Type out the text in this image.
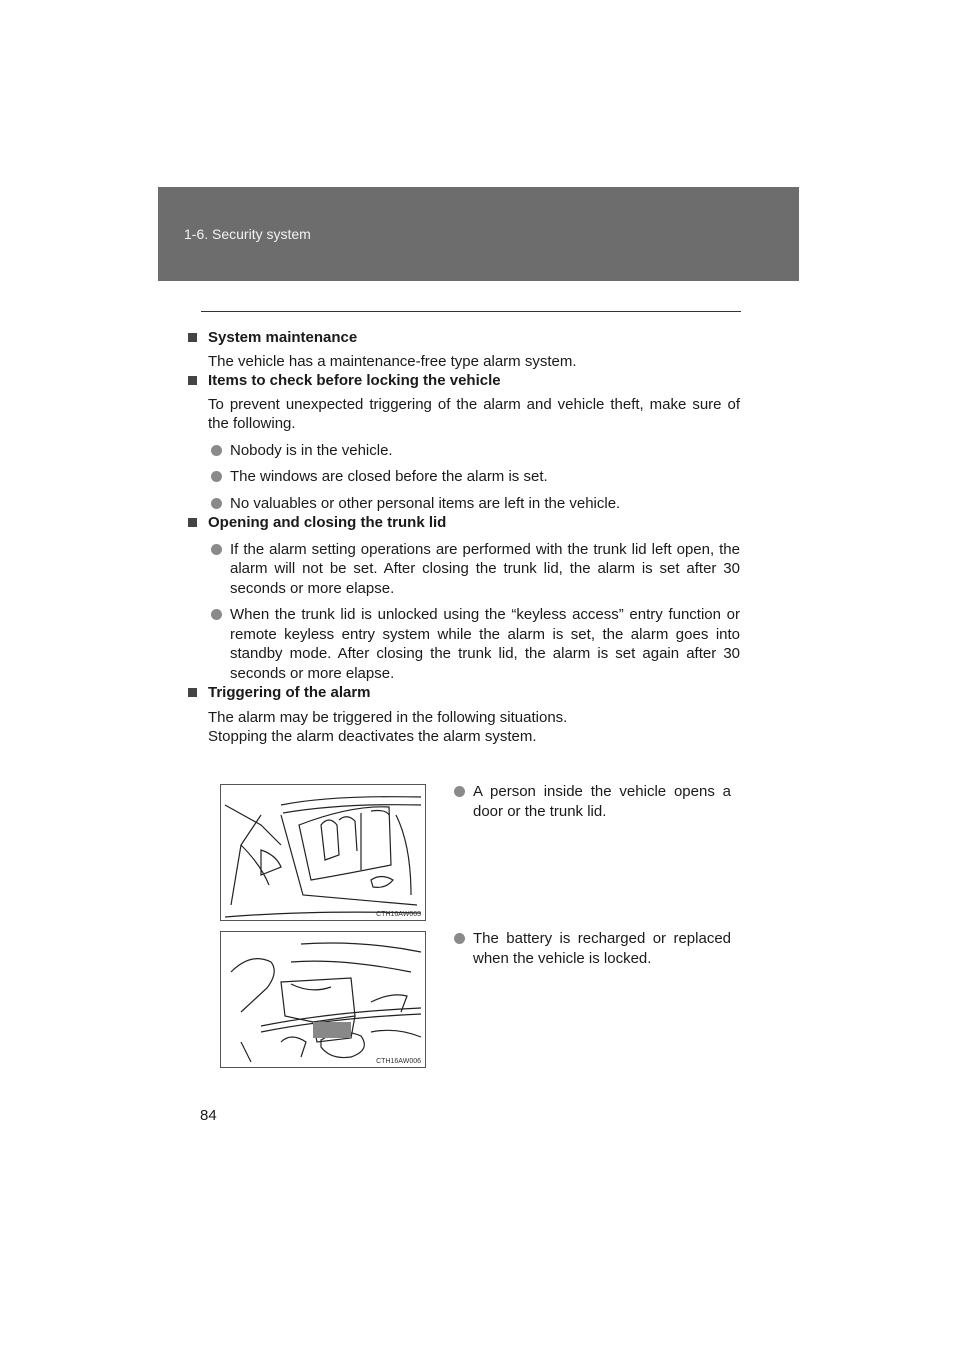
1-6. Security system
System maintenance
The vehicle has a maintenance-free type alarm system.
Items to check before locking the vehicle
To prevent unexpected triggering of the alarm and vehicle theft, make sure of the following.
Nobody is in the vehicle.
The windows are closed before the alarm is set.
No valuables or other personal items are left in the vehicle.
Opening and closing the trunk lid
If the alarm setting operations are performed with the trunk lid left open, the alarm will not be set. After closing the trunk lid, the alarm is set after 30 seconds or more elapse.
When the trunk lid is unlocked using the “keyless access” entry function or remote keyless entry system while the alarm is set, the alarm goes into standby mode. After closing the trunk lid, the alarm is set again after 30 seconds or more elapse.
Triggering of the alarm
The alarm may be triggered in the following situations.
Stopping the alarm deactivates the alarm system.
CTH16AW003
A person inside the vehicle opens a door or the trunk lid.
CTH16AW006
The battery is recharged or replaced when the vehicle is locked.
84
